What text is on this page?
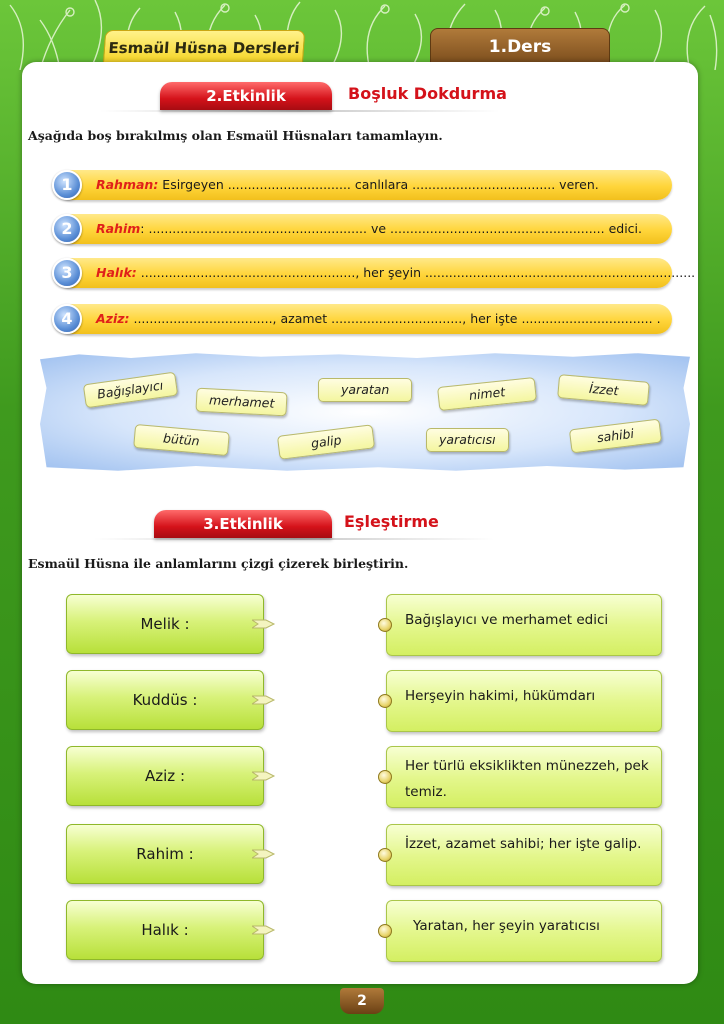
Esmaül Hüsna Dersleri	1.Ders
2.Etkinlik	Boşluk Dokdurma
Aşağıda boş bırakılmış olan Esmaül Hüsnaları tamamlayın.
Rahman: Esirgeyen ............................... canlılara .................................... veren.
1
Rahim: ....................................................... ve ...................................................... edici.
2
Halık: ......................................................, her şeyin ....................................................................
3
Aziz: ..................................., azamet ................................., her işte ................................. .
4
Bağışlayıcı	merhamet
yaratan	nimet	İzzet
bütün	galip	yaratıcısı	sahibi
3.Etkinlik	Eşleştirme
Esmaül Hüsna ile anlamlarını çizgi çizerek birleştirin.
Melik :
Kuddüs :
Aziz :
Rahim :
Halık :
Bağışlayıcı ve merhamet edici
Herşeyin hakimi, hükümdarı
Her türlü eksiklikten münezzeh, pek temiz.
İzzet, azamet sahibi; her işte galip.
Yaratan, her şeyin yaratıcısı
2
